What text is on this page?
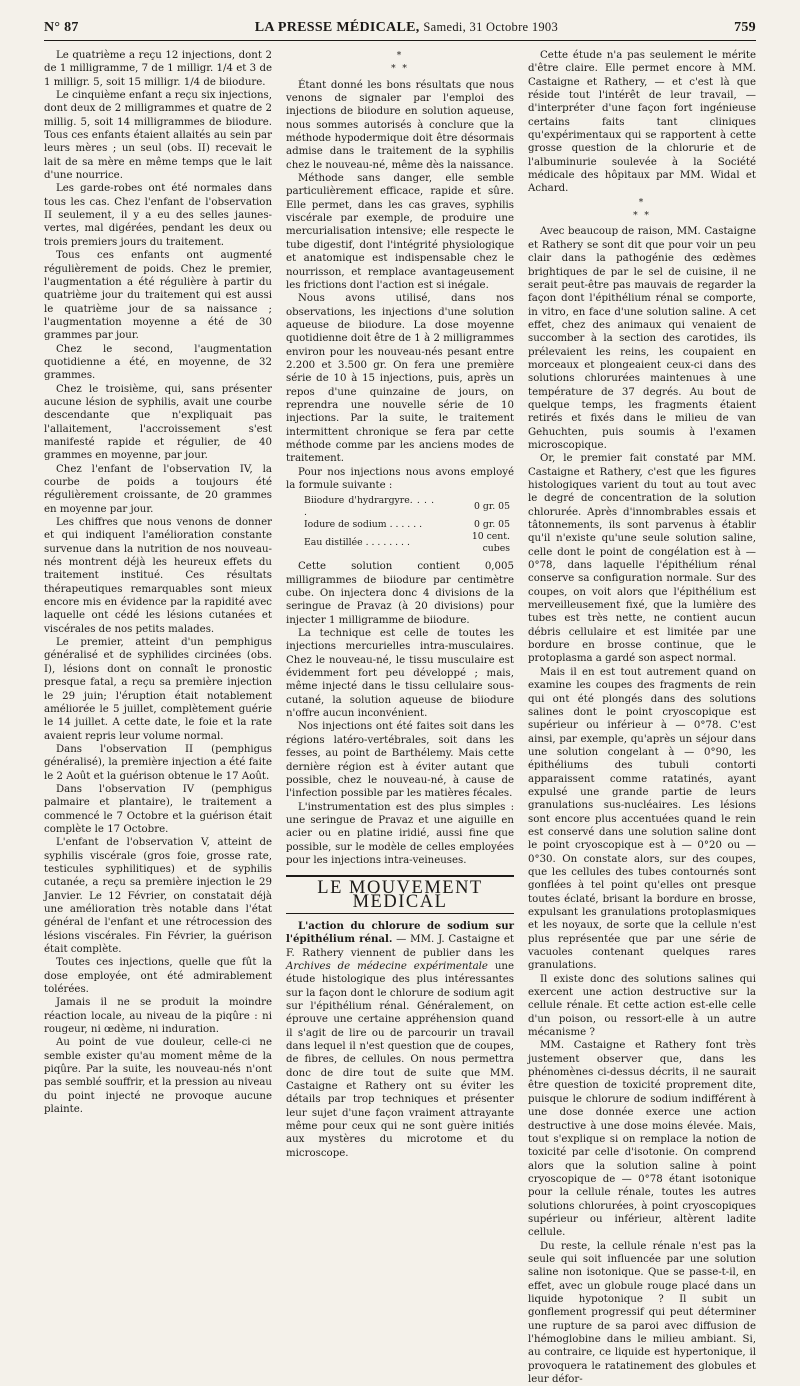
N° 87	LA PRESSE MÉDICALE, Samedi, 31 Octobre 1903	759

Le quatrième a reçu 12 injections, dont 2 de 1 milligramme, 7 de 1 milligr. 1/4 et 3 de 1 milligr. 5, soit 15 milligr. 1/4 de biiodure.

Le cinquième enfant a reçu six injections, dont deux de 2 milligrammes et quatre de 2 millig. 5, soit 14 milligrammes de biiodure. Tous ces enfants étaient allaités au sein par leurs mères ; un seul (obs. II) recevait le lait de sa mère en même temps que le lait d'une nourrice.

Les garde-robes ont été normales dans tous les cas. Chez l'enfant de l'observation II seulement, il y a eu des selles jaunes-vertes, mal digérées, pendant les deux ou trois premiers jours du traitement.

Tous ces enfants ont augmenté régulièrement de poids. Chez le premier, l'augmentation a été régulière à partir du quatrième jour du traitement qui est aussi le quatrième jour de sa naissance ; l'augmentation moyenne a été de 30 grammes par jour.

Chez le second, l'augmentation quotidienne a été, en moyenne, de 32 grammes.

Chez le troisième, qui, sans présenter aucune lésion de syphilis, avait une courbe descendante que n'expliquait pas l'allaitement, l'accroissement s'est manifesté rapide et régulier, de 40 grammes en moyenne, par jour.

Chez l'enfant de l'observation IV, la courbe de poids a toujours été régulièrement croissante, de 20 grammes en moyenne par jour.

Les chiffres que nous venons de donner et qui indiquent l'amélioration constante survenue dans la nutrition de nos nouveau-nés montrent déjà les heureux effets du traitement institué. Ces résultats thérapeutiques remarquables sont mieux encore mis en évidence par la rapidité avec laquelle ont cédé les lésions cutanées et viscérales de nos petits malades.

Le premier, atteint d'un pemphigus généralisé et de syphilides circinées (obs. I), lésions dont on connaît le pronostic presque fatal, a reçu sa première injection le 29 juin; l'éruption était notablement améliorée le 5 juillet, complètement guérie le 14 juillet. A cette date, le foie et la rate avaient repris leur volume normal.

Dans l'observation II (pemphigus généralisé), la première injection a été faite le 2 Août et la guérison obtenue le 17 Août.

Dans l'observation IV (pemphigus palmaire et plantaire), le traitement a commencé le 7 Octobre et la guérison était complète le 17 Octobre.

L'enfant de l'observation V, atteint de syphilis viscérale (gros foie, grosse rate, testicules syphilitiques) et de syphilis cutanée, a reçu sa première injection le 29 Janvier. Le 12 Février, on constatait déjà une amélioration très notable dans l'état général de l'enfant et une rétrocession des lésions viscérales. Fin Février, la guérison était complète.

Toutes ces injections, quelle que fût la dose employée, ont été admirablement tolérées.

Jamais il ne se produit la moindre réaction locale, au niveau de la piqûre : ni rougeur, ni œdème, ni induration.

Au point de vue douleur, celle-ci ne semble exister qu'au moment même de la piqûre. Par la suite, les nouveau-nés n'ont pas semblé souffrir, et la pression au niveau du point injecté ne provoque aucune plainte.

*
* *

Étant donné les bons résultats que nous venons de signaler par l'emploi des injections de biiodure en solution aqueuse, nous sommes autorisés à conclure que la méthode hypodermique doit être désormais admise dans le traitement de la syphilis chez le nouveau-né, même dès la naissance.

Méthode sans danger, elle semble particulièrement efficace, rapide et sûre. Elle permet, dans les cas graves, syphilis viscérale par exemple, de produire une mercurialisation intensive; elle respecte le tube digestif, dont l'intégrité physiologique et anatomique est indispensable chez le nourrisson, et remplace avantageusement les frictions dont l'action est si inégale.

Nous avons utilisé, dans nos observations, les injections d'une solution aqueuse de biiodure. La dose moyenne quotidienne doit être de 1 à 2 milligrammes environ pour les nouveau-nés pesant entre 2.200 et 3.500 gr. On fera une première série de 10 à 15 injections, puis, après un repos d'une quinzaine de jours, on reprendra une nouvelle série de 10 injections. Par la suite, le traitement intermittent chronique se fera par cette méthode comme par les anciens modes de traitement.

Pour nos injections nous avons employé la formule suivante :

Biiodure d'hydrargyre. . . . .	0 gr. 05
Iodure de sodium . . . . . .	0 gr. 05
Eau distillée . . . . . . . .	10 cent. cubes

Cette solution contient 0,005 milligrammes de biiodure par centimètre cube. On injectera donc 4 divisions de la seringue de Pravaz (à 20 divisions) pour injecter 1 milligramme de biiodure.

La technique est celle de toutes les injections mercurielles intra-musculaires. Chez le nouveau-né, le tissu musculaire est évidemment fort peu développé ; mais, même injecté dans le tissu cellulaire sous-cutané, la solution aqueuse de biiodure n'offre aucun inconvénient.

Nos injections ont été faites soit dans les régions latéro-vertébrales, soit dans les fesses, au point de Barthélemy. Mais cette dernière région est à éviter autant que possible, chez le nouveau-né, à cause de l'infection possible par les matières fécales.

L'instrumentation est des plus simples : une seringue de Pravaz et une aiguille en acier ou en platine iridié, aussi fine que possible, sur le modèle de celles employées pour les injections intra-veineuses.

LE MOUVEMENT MÉDICAL

L'action du chlorure de sodium sur l'épithélium rénal. — MM. J. Castaigne et F. Rathery viennent de publier dans les Archives de médecine expérimentale une étude histologique des plus intéressantes sur la façon dont le chlorure de sodium agit sur l'épithélium rénal. Généralement, on éprouve une certaine appréhension quand il s'agit de lire ou de parcourir un travail dans lequel il n'est question que de coupes, de fibres, de cellules. On nous permettra donc de dire tout de suite que MM. Castaigne et Rathery ont su éviter les détails par trop techniques et présenter leur sujet d'une façon vraiment attrayante même pour ceux qui ne sont guère initiés aux mystères du microtome et du microscope.

Cette étude n'a pas seulement le mérite d'être claire. Elle permet encore à MM. Castaigne et Rathery, — et c'est là que réside tout l'intérêt de leur travail, — d'interpréter d'une façon fort ingénieuse certains faits tant cliniques qu'expérimentaux qui se rapportent à cette grosse question de la chlorurie et de l'albuminurie soulevée à la Société médicale des hôpitaux par MM. Widal et Achard.

*
* *

Avec beaucoup de raison, MM. Castaigne et Rathery se sont dit que pour voir un peu clair dans la pathogénie des œdèmes brightiques de par le sel de cuisine, il ne serait peut-être pas mauvais de regarder la façon dont l'épithélium rénal se comporte, in vitro, en face d'une solution saline. A cet effet, chez des animaux qui venaient de succomber à la section des carotides, ils prélevaient les reins, les coupaient en morceaux et plongeaient ceux-ci dans des solutions chlorurées maintenues à une température de 37 degrés. Au bout de quelque temps, les fragments étaient retirés et fixés dans le milieu de van Gehuchten, puis soumis à l'examen microscopique.

Or, le premier fait constaté par MM. Castaigne et Rathery, c'est que les figures histologiques varient du tout au tout avec le degré de concentration de la solution chlorurée. Après d'innombrables essais et tâtonnements, ils sont parvenus à établir qu'il n'existe qu'une seule solution saline, celle dont le point de congélation est à — 0°78, dans laquelle l'épithélium rénal conserve sa configuration normale. Sur des coupes, on voit alors que l'épithélium est merveilleusement fixé, que la lumière des tubes est très nette, ne contient aucun débris cellulaire et est limitée par une bordure en brosse continue, que le protoplasma a gardé son aspect normal.

Mais il en est tout autrement quand on examine les coupes des fragments de rein qui ont été plongés dans des solutions salines dont le point cryoscopique est supérieur ou inférieur à — 0°78. C'est ainsi, par exemple, qu'après un séjour dans une solution congelant à — 0°90, les épithéliums des tubuli contorti apparaissent comme ratatinés, ayant expulsé une grande partie de leurs granulations sus-nucléaires. Les lésions sont encore plus accentuées quand le rein est conservé dans une solution saline dont le point cryoscopique est à — 0°20 ou — 0°30. On constate alors, sur des coupes, que les cellules des tubes contournés sont gonflées à tel point qu'elles ont presque toutes éclaté, brisant la bordure en brosse, expulsant les granulations protoplasmiques et les noyaux, de sorte que la cellule n'est plus représentée que par une série de vacuoles contenant quelques rares granulations.

Il existe donc des solutions salines qui exercent une action destructive sur la cellule rénale. Et cette action est-elle celle d'un poison, ou ressort-elle à un autre mécanisme ?

MM. Castaigne et Rathery font très justement observer que, dans les phénomènes ci-dessus décrits, il ne saurait être question de toxicité proprement dite, puisque le chlorure de sodium indifférent à une dose donnée exerce une action destructive à une dose moins élevée. Mais, tout s'explique si on remplace la notion de toxicité par celle d'isotonie. On comprend alors que la solution saline à point cryoscopique de — 0°78 étant isotonique pour la cellule rénale, toutes les autres solutions chlorurées, à point cryoscopiques supérieur ou inférieur, altèrent ladite cellule.

Du reste, la cellule rénale n'est pas la seule qui soit influencée par une solution saline non isotonique. Que se passe-t-il, en effet, avec un globule rouge placé dans un liquide hypotonique ? Il subit un gonflement progressif qui peut déterminer une rupture de sa paroi avec diffusion de l'hémoglobine dans le milieu ambiant. Si, au contraire, ce liquide est hypertonique, il provoquera le ratatinement des globules et leur défor-
